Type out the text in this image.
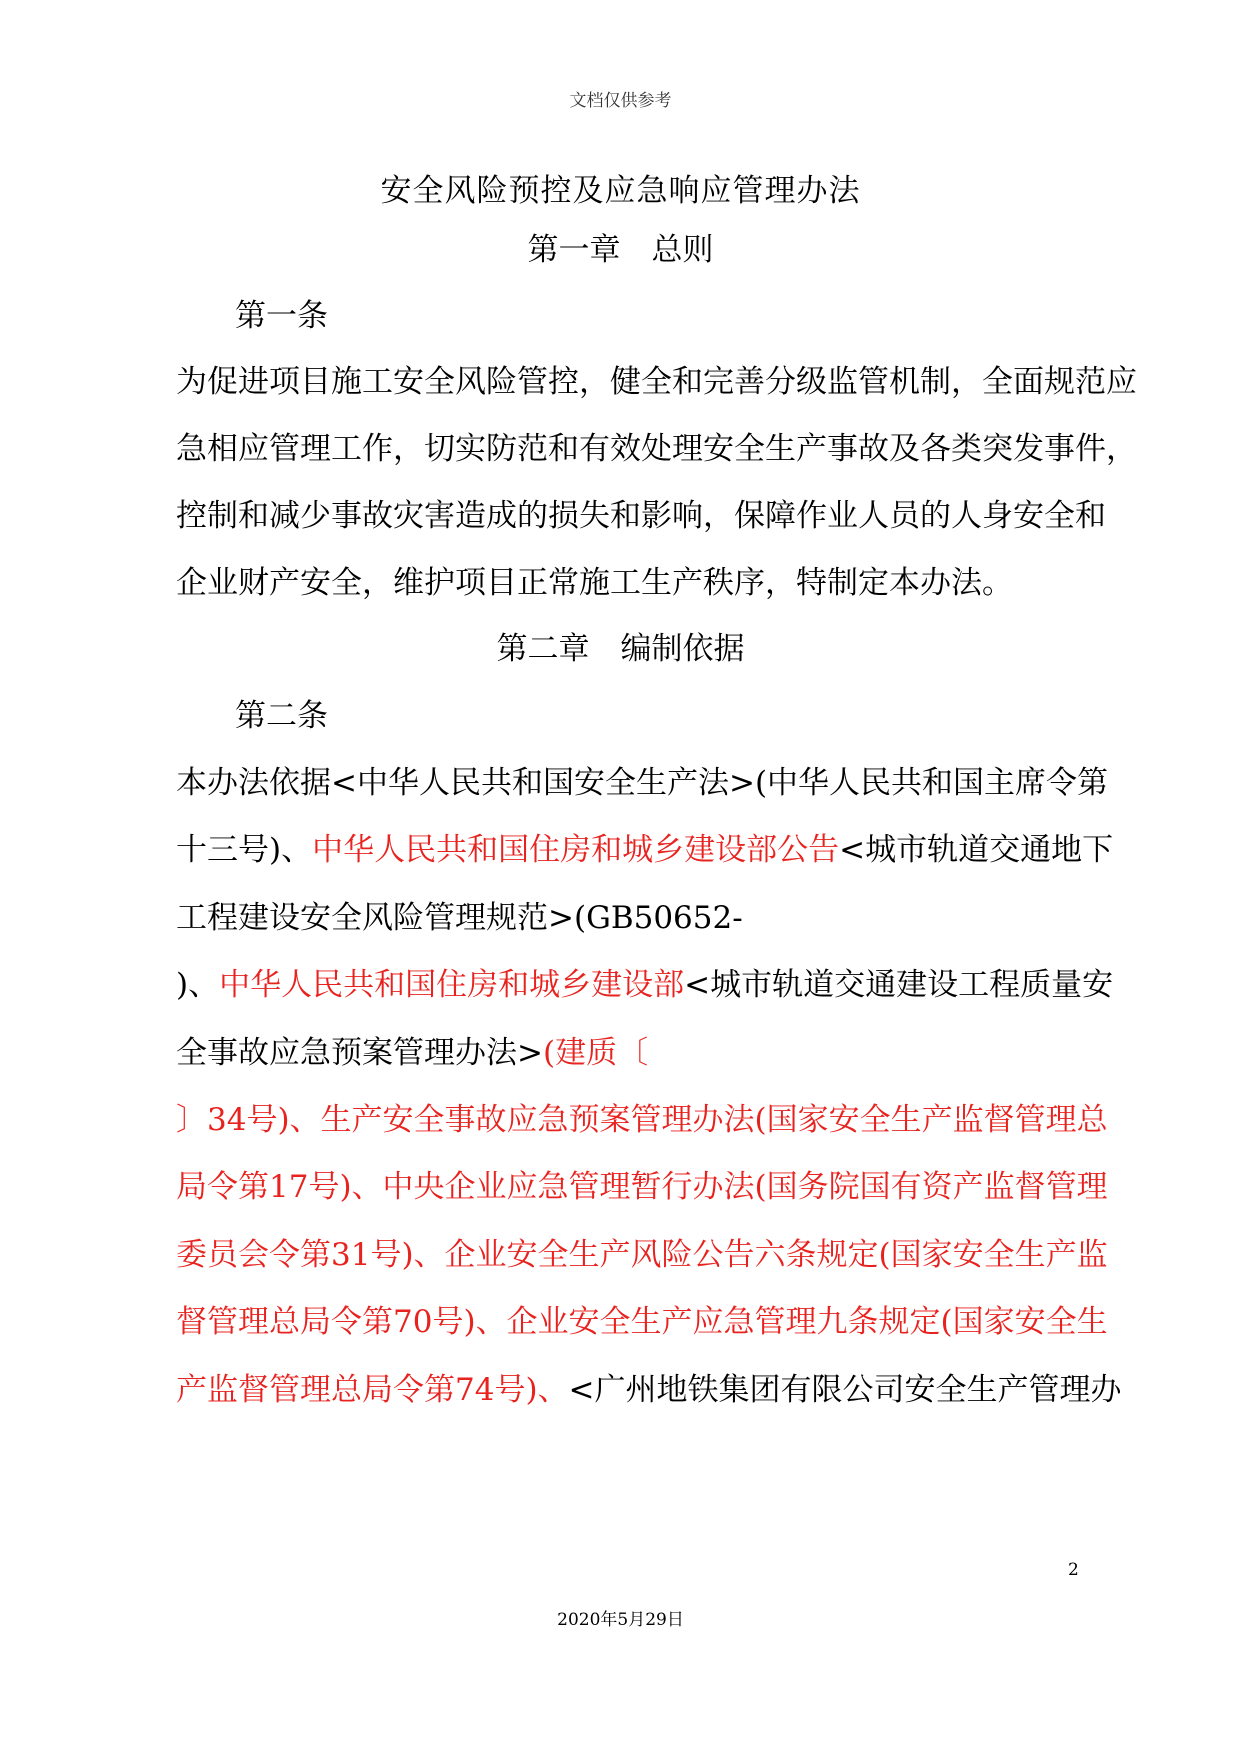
文档仅供参考
安全风险预控及应急响应管理办法
第一章　总则
第一条
为促进项目施工安全风险管控，健全和完善分级监管机制，全面规范应
急相应管理工作，切实防范和有效处理安全生产事故及各类突发事件，
控制和减少事故灾害造成的损失和影响，保障作业人员的人身安全和
企业财产安全，维护项目正常施工生产秩序，特制定本办法。
第二章　编制依据
第二条
本办法依据<中华人民共和国安全生产法>(中华人民共和国主席令第
十三号)、中华人民共和国住房和城乡建设部公告<城市轨道交通地下
工程建设安全风险管理规范>(GB50652-
)、中华人民共和国住房和城乡建设部<城市轨道交通建设工程质量安
全事故应急预案管理办法>(建质〔
〕34号)、生产安全事故应急预案管理办法(国家安全生产监督管理总
局令第17号)、中央企业应急管理暂行办法(国务院国有资产监督管理
委员会令第31号)、企业安全生产风险公告六条规定(国家安全生产监
督管理总局令第70号)、企业安全生产应急管理九条规定(国家安全生
产监督管理总局令第74号)、<广州地铁集团有限公司安全生产管理办
2
2020年5月29日
